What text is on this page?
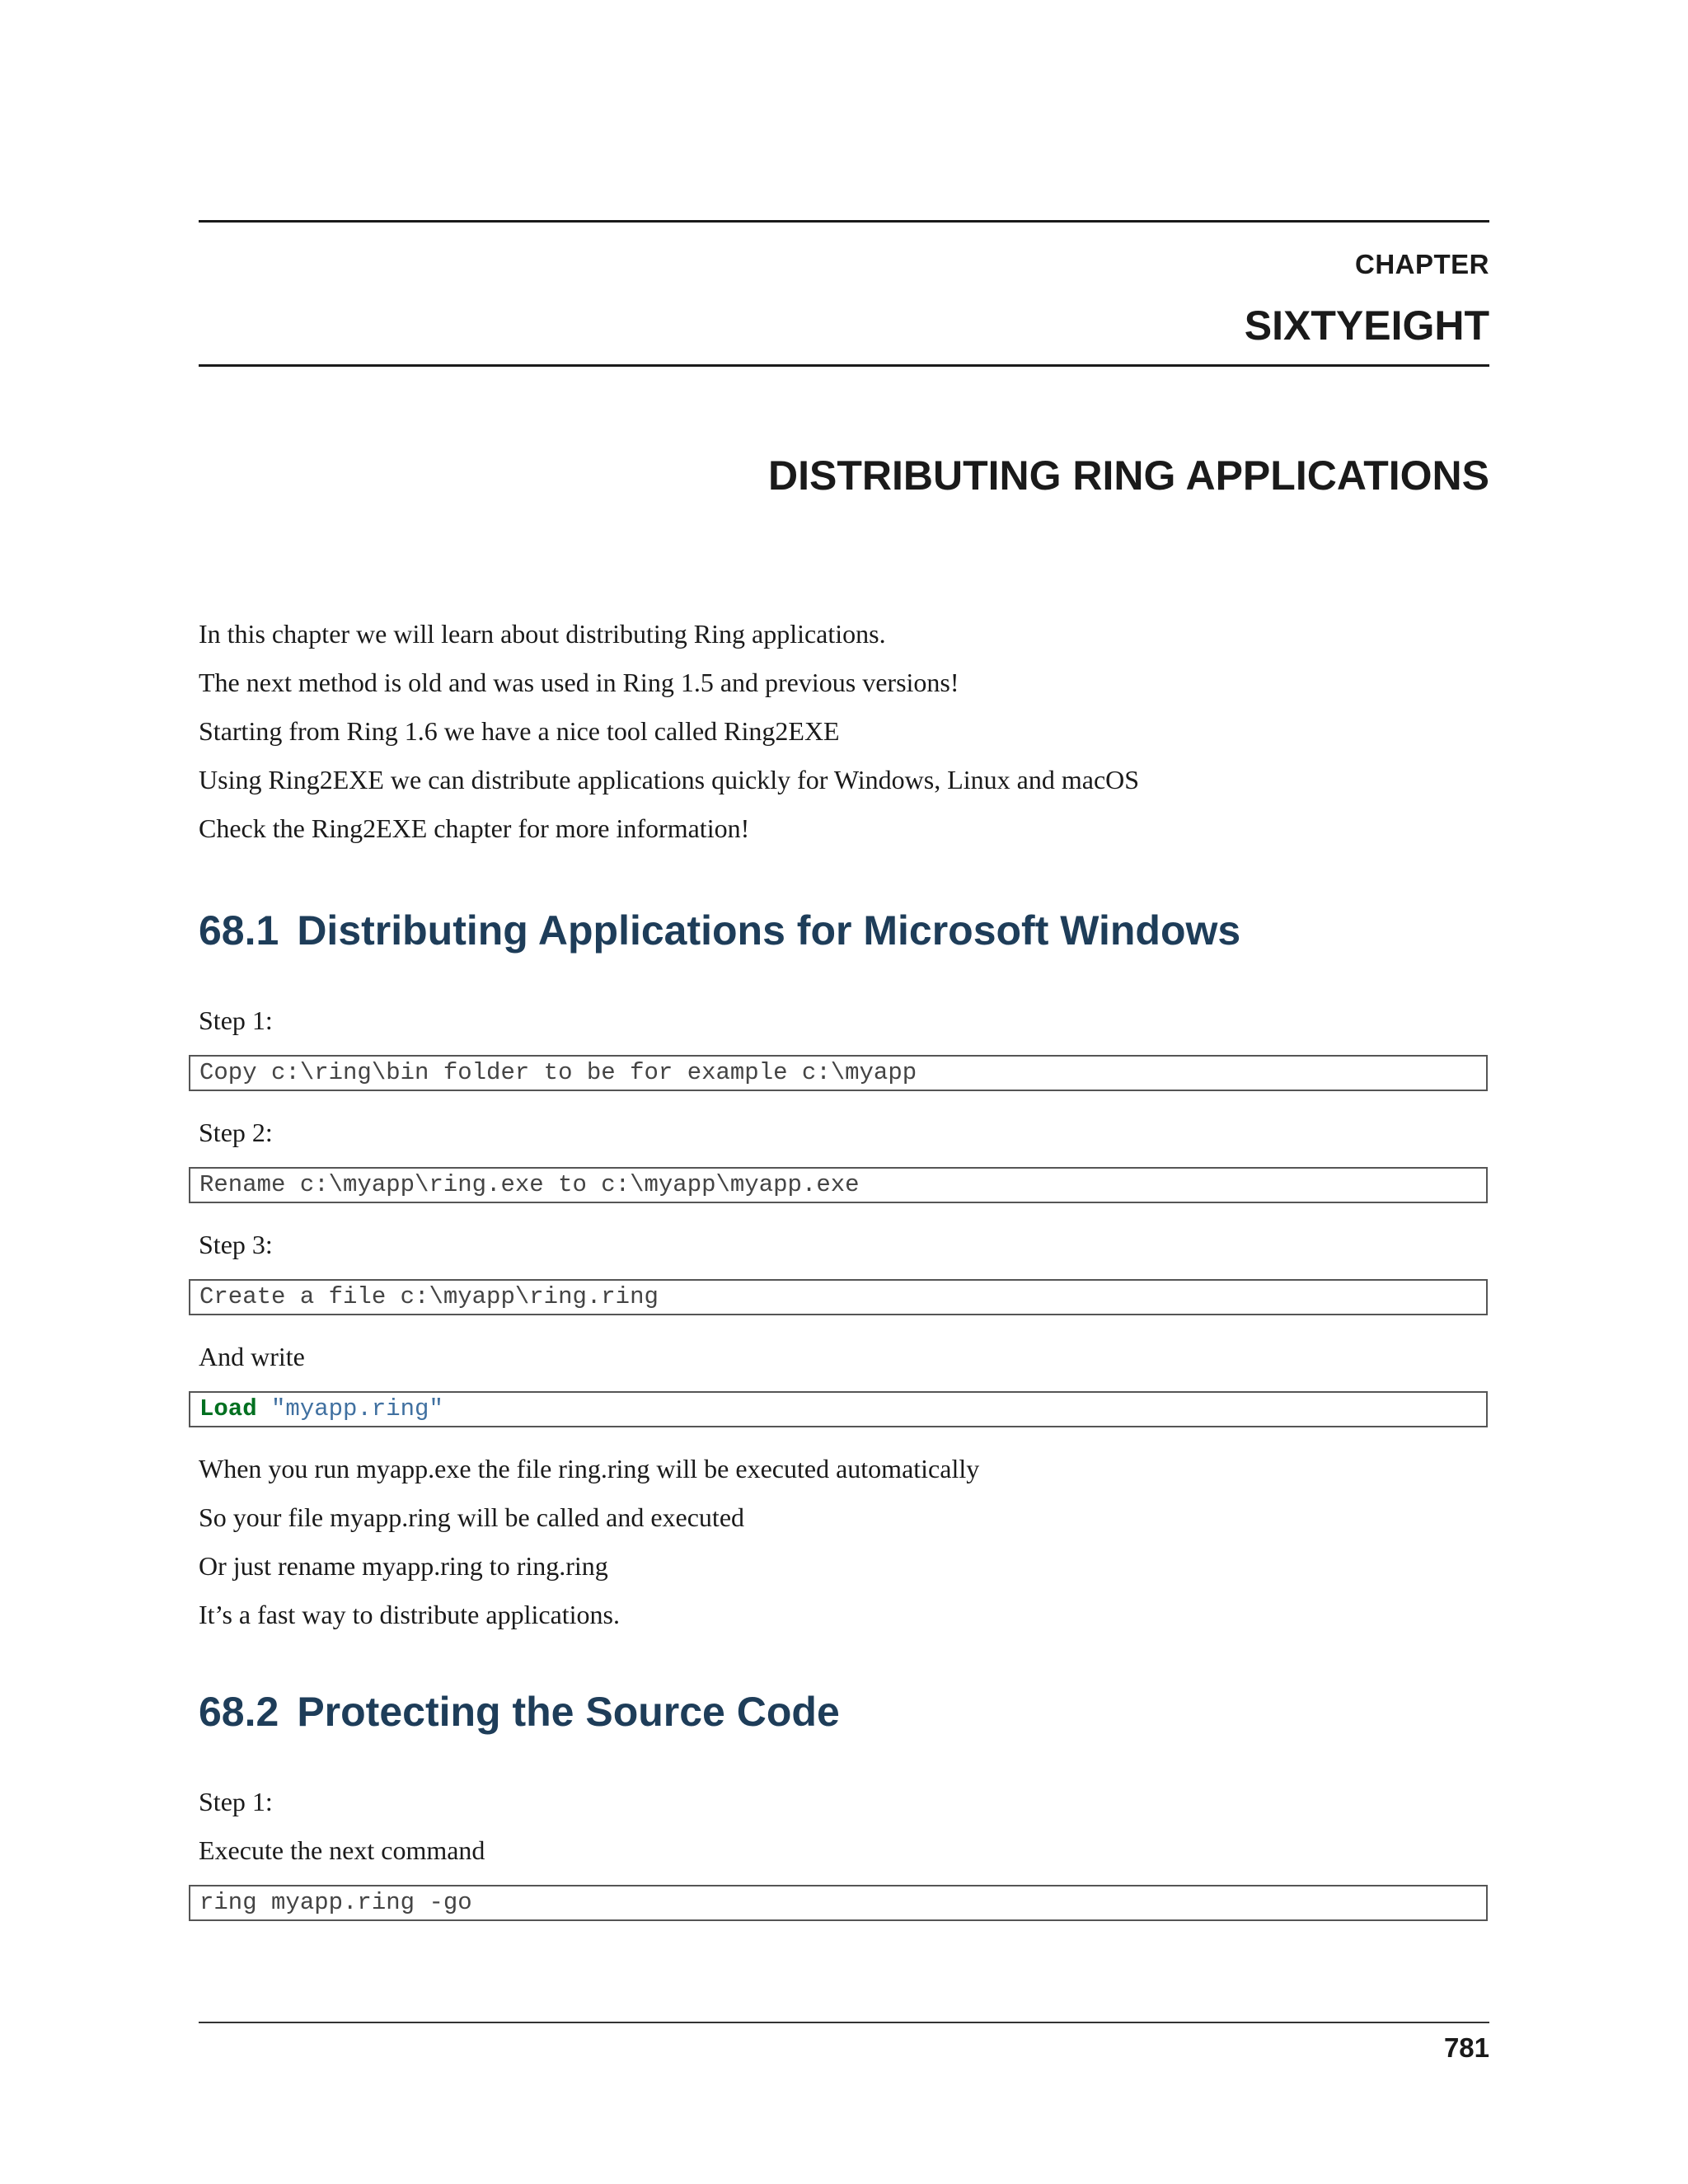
CHAPTER
SIXTYEIGHT
DISTRIBUTING RING APPLICATIONS
In this chapter we will learn about distributing Ring applications.
The next method is old and was used in Ring 1.5 and previous versions!
Starting from Ring 1.6 we have a nice tool called Ring2EXE
Using Ring2EXE we can distribute applications quickly for Windows, Linux and macOS
Check the Ring2EXE chapter for more information!
68.1 Distributing Applications for Microsoft Windows
Step 1:
Copy c:\ring\bin folder to be for example c:\myapp
Step 2:
Rename c:\myapp\ring.exe to c:\myapp\myapp.exe
Step 3:
Create a file c:\myapp\ring.ring
And write
Load "myapp.ring"
When you run myapp.exe the file ring.ring will be executed automatically
So your file myapp.ring will be called and executed
Or just rename myapp.ring to ring.ring
It’s a fast way to distribute applications.
68.2 Protecting the Source Code
Step 1:
Execute the next command
ring myapp.ring -go
781
